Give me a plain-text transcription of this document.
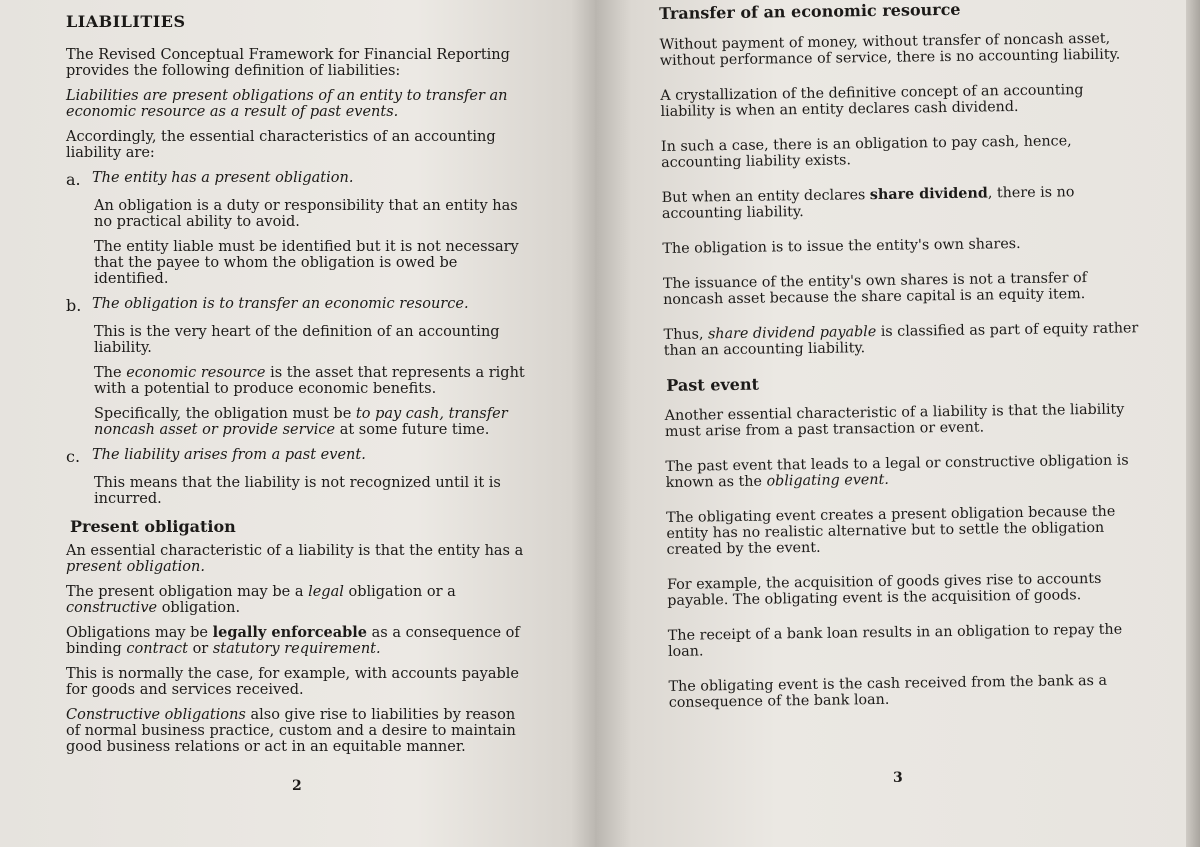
LIABILITIES

The Revised Conceptual Framework for Financial Reporting provides the following definition of liabilities:

Liabilities are present obligations of an entity to transfer an economic resource as a result of past events.

Accordingly, the essential characteristics of an accounting liability are:

a. The entity has a present obligation.

An obligation is a duty or responsibility that an entity has no practical ability to avoid.

The entity liable must be identified but it is not necessary that the payee to whom the obligation is owed be identified.

b. The obligation is to transfer an economic resource.

This is the very heart of the definition of an accounting liability.

The economic resource is the asset that represents a right with a potential to produce economic benefits.

Specifically, the obligation must be to pay cash, transfer noncash asset or provide service at some future time.

c. The liability arises from a past event.

This means that the liability is not recognized until it is incurred.

Present obligation

An essential characteristic of a liability is that the entity has a present obligation.

The present obligation may be a legal obligation or a constructive obligation.

Obligations may be legally enforceable as a consequence of binding contract or statutory requirement.

This is normally the case, for example, with accounts payable for goods and services received.

Constructive obligations also give rise to liabilities by reason of normal business practice, custom and a desire to maintain good business relations or act in an equitable manner.

2
Transfer of an economic resource

Without payment of money, without transfer of noncash asset, without performance of service, there is no accounting liability.

A crystallization of the definitive concept of an accounting liability is when an entity declares cash dividend.

In such a case, there is an obligation to pay cash, hence, accounting liability exists.

But when an entity declares share dividend, there is no accounting liability.

The obligation is to issue the entity's own shares.

The issuance of the entity's own shares is not a transfer of noncash asset because the share capital is an equity item.

Thus, share dividend payable is classified as part of equity rather than an accounting liability.

Past event

Another essential characteristic of a liability is that the liability must arise from a past transaction or event.

The past event that leads to a legal or constructive obligation is known as the obligating event.

The obligating event creates a present obligation because the entity has no realistic alternative but to settle the obligation created by the event.

For example, the acquisition of goods gives rise to accounts payable. The obligating event is the acquisition of goods.

The receipt of a bank loan results in an obligation to repay the loan.

The obligating event is the cash received from the bank as a consequence of the bank loan.

3
